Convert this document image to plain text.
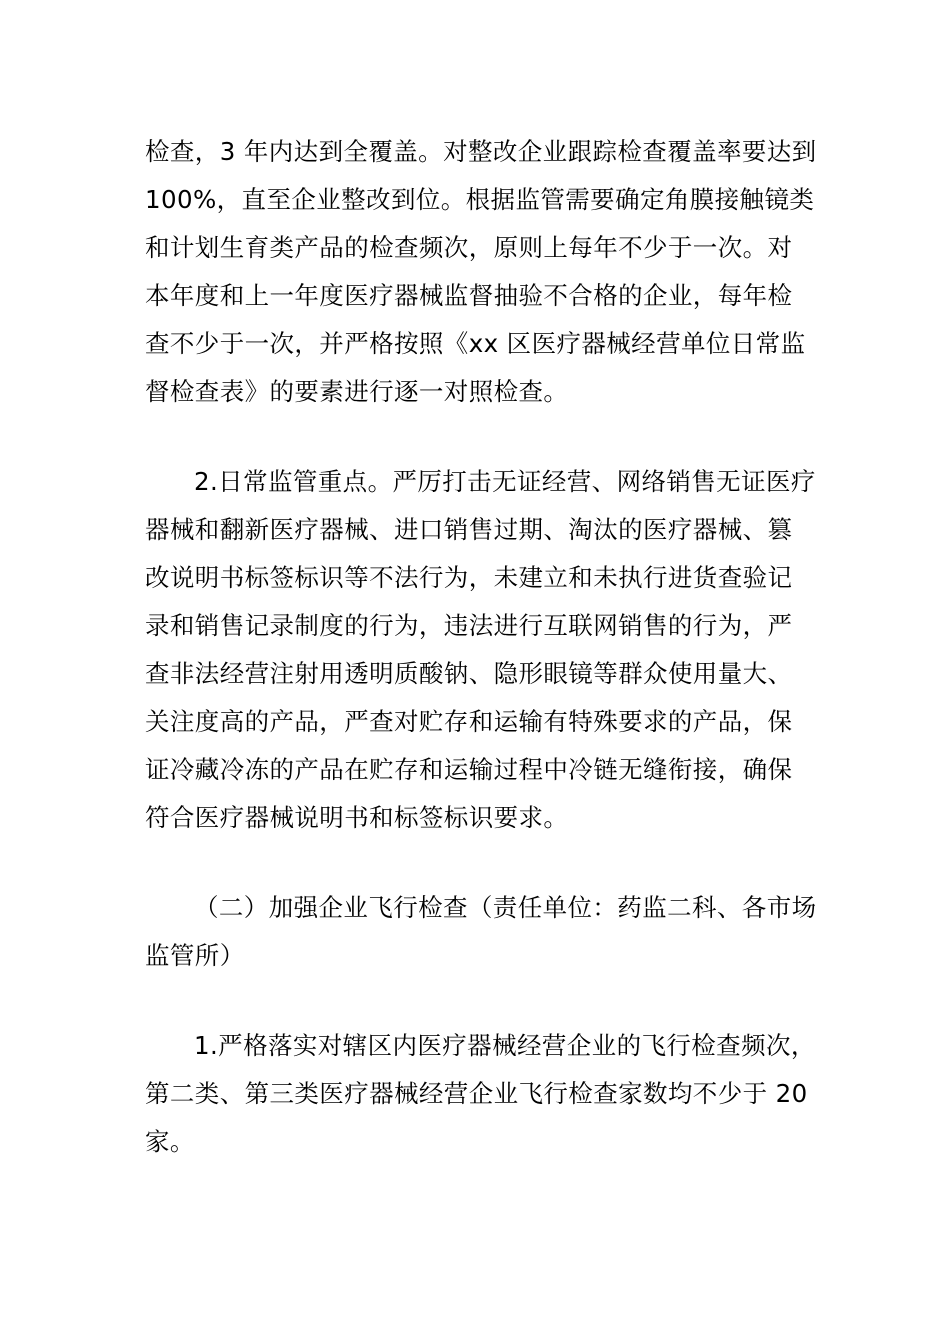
检查，3 年内达到全覆盖。对整改企业跟踪检查覆盖率要达到 100%，直至企业整改到位。根据监管需要确定角膜接触镜类和计划生育类产品的检查频次，原则上每年不少于一次。对本年度和上一年度医疗器械监督抽验不合格的企业，每年检查不少于一次，并严格按照《xx 区医疗器械经营单位日常监督检查表》的要素进行逐一对照检查。

2.日常监管重点。严厉打击无证经营、网络销售无证医疗器械和翻新医疗器械、进口销售过期、淘汰的医疗器械、篡改说明书标签标识等不法行为，未建立和未执行进货查验记录和销售记录制度的行为，违法进行互联网销售的行为，严查非法经营注射用透明质酸钠、隐形眼镜等群众使用量大、关注度高的产品，严查对贮存和运输有特殊要求的产品，保证冷藏冷冻的产品在贮存和运输过程中冷链无缝衔接，确保符合医疗器械说明书和标签标识要求。

（二）加强企业飞行检查（责任单位：药监二科、各市场监管所）

1.严格落实对辖区内医疗器械经营企业的飞行检查频次，第二类、第三类医疗器械经营企业飞行检查家数均不少于 20 家。
